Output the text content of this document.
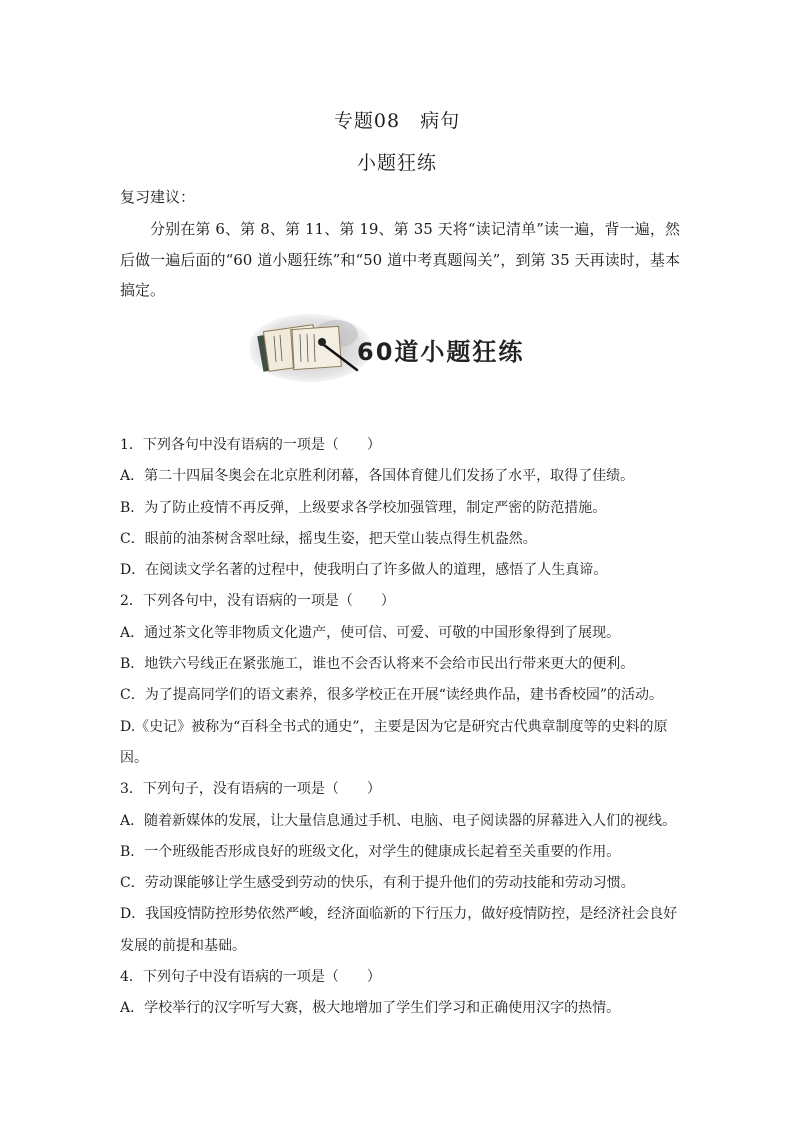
专题08　病句
小题狂练
复习建议：
分别在第 6、第 8、第 11、第 19、第 35 天将“读记清单”读一遍，背一遍，然后做一遍后面的“60 道小题狂练”和“50 道中考真题闯关”，到第 35 天再读时，基本搞定。
60道小题狂练

1．下列各句中没有语病的一项是（　　）

A．第二十四届冬奥会在北京胜利闭幕，各国体育健儿们发扬了水平，取得了佳绩。

B．为了防止疫情不再反弹，上级要求各学校加强管理，制定严密的防范措施。

C．眼前的油茶树含翠吐绿，摇曳生姿，把天堂山装点得生机盎然。

D．在阅读文学名著的过程中，使我明白了许多做人的道理，感悟了人生真谛。

2．下列各句中，没有语病的一项是（　　）

A．通过茶文化等非物质文化遗产，使可信、可爱、可敬的中国形象得到了展现。

B．地铁六号线正在紧张施工，谁也不会否认将来不会给市民出行带来更大的便利。

C．为了提高同学们的语文素养，很多学校正在开展“读经典作品，建书香校园”的活动。

D.《史记》被称为“百科全书式的通史”，主要是因为它是研究古代典章制度等的史料的原因。

3．下列句子，没有语病的一项是（　　）

A．随着新媒体的发展，让大量信息通过手机、电脑、电子阅读器的屏幕进入人们的视线。

B．一个班级能否形成良好的班级文化，对学生的健康成长起着至关重要的作用。

C．劳动课能够让学生感受到劳动的快乐，有利于提升他们的劳动技能和劳动习惯。

D．我国疫情防控形势依然严峻，经济面临新的下行压力，做好疫情防控，是经济社会良好发展的前提和基础。

4．下列句子中没有语病的一项是（　　）

A．学校举行的汉字听写大赛，极大地增加了学生们学习和正确使用汉字的热情。
